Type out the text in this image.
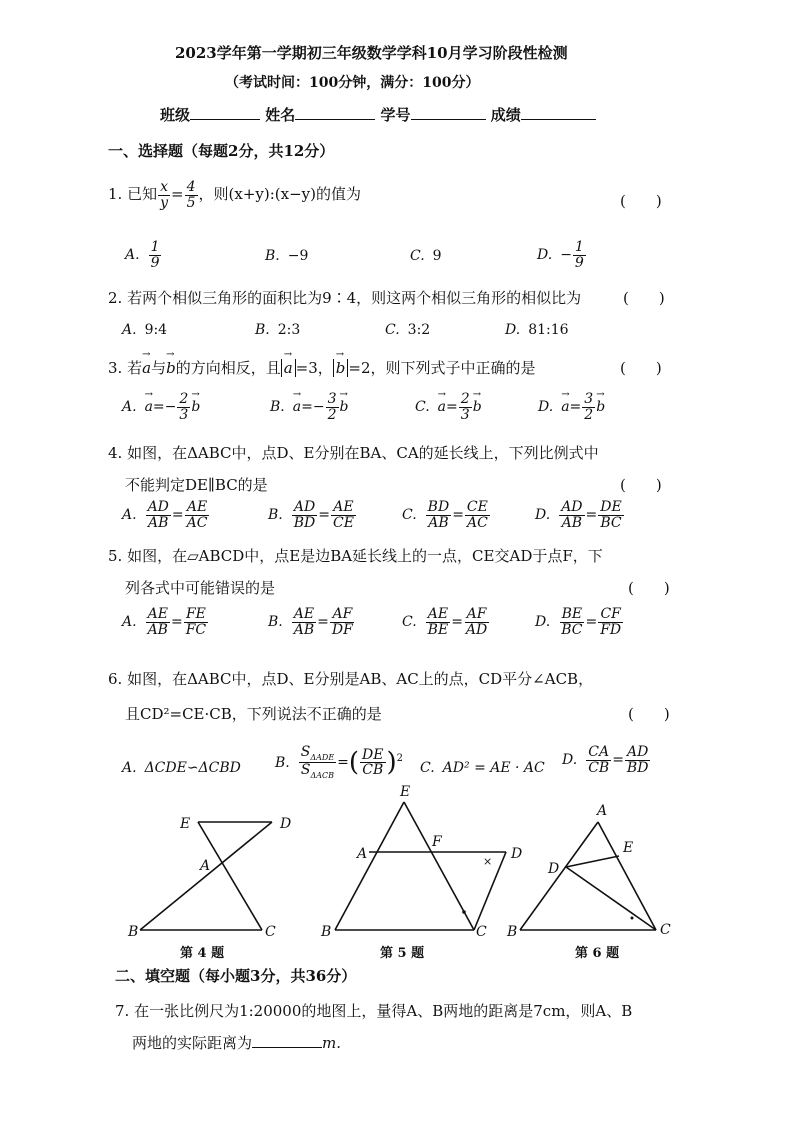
2023学年第一学期初三年级数学学科10月学习阶段性检测
（考试时间：100分钟，满分：100分）
班级	姓名	学号	成绩
一、选择题（每题2分，共12分）
1. 已知 $\frac{x}{y} = \frac{4}{5}$ ，则(x+y):(x−y)的值为	(　　)
A. $\frac{1}{9}$	B. −9	C. 9	D. − $\frac{1}{9}$
2. 若两个相似三角形的面积比为9∶4，则这两个相似三角形的相似比为	(　　)
A. 9:4	B. 2:3	C. 3:2	D. 81:16
3. 若→ a与→ b的方向相反，且→ a =3，→ b =2，则下列式子中正确的是	(　　)
$A.\to a=- \frac{2}{3}$
→ b	$B.\to a=- \frac{3}{2}$
→ b	$C.\to a= \frac{2}{3}$
→ b	$D.\to a= \frac{3}{2}$
→ b
4. 如图，在ΔABC中，点D、E分别在BA、CA的延长线上，下列比例式中
不能判定DE∥BC的是	(　　)
A. $\frac{AD}{AB} = \frac{AE}{AC}$	B. $\frac{AD}{BD} = \frac{AE}{CE}$	C. $\frac{BD}{AB} = \frac{CE}{AC}$	D. $\frac{AD}{AB} = \frac{DE}{BC}$
5. 如图，在▱ABCD中，点E是边BA延长线上的一点，CE交AD于点F，下
列各式中可能错误的是	(　　)
A. $\frac{AE}{AB} = \frac{FE}{FC}$	B. $\frac{AE}{AB} = \frac{AF}{DF}$	C. $\frac{AE}{BE} = \frac{AF}{AD}$	D. $\frac{BE}{BC} = \frac{CF}{FD}$
6. 如图，在ΔABC中，点D、E分别是AB、AC上的点，CD平分∠ACB，
且CD²=CE·CB，下列说法不正确的是	(　　)
A. ΔCDE∽ΔCBD B. $\frac{S_{\Delta ADE}}{S_{\Delta ACB}}$ =( $\frac{DE}{CB} )^2$
C. AD² = AE · AC D. $\frac{CA}{CB} = \frac{AD}{BD}$
E	D
A
B	C
×
E
A
F
D
B	C
A
E
D
B	C
第 4 题	第 5 题	第 6 题
二、填空题（每小题3分，共36分）
7. 在一张比例尺为1:20000的地图上，量得A、B两地的距离是7cm，则A、B
两地的实际距离为	m.
